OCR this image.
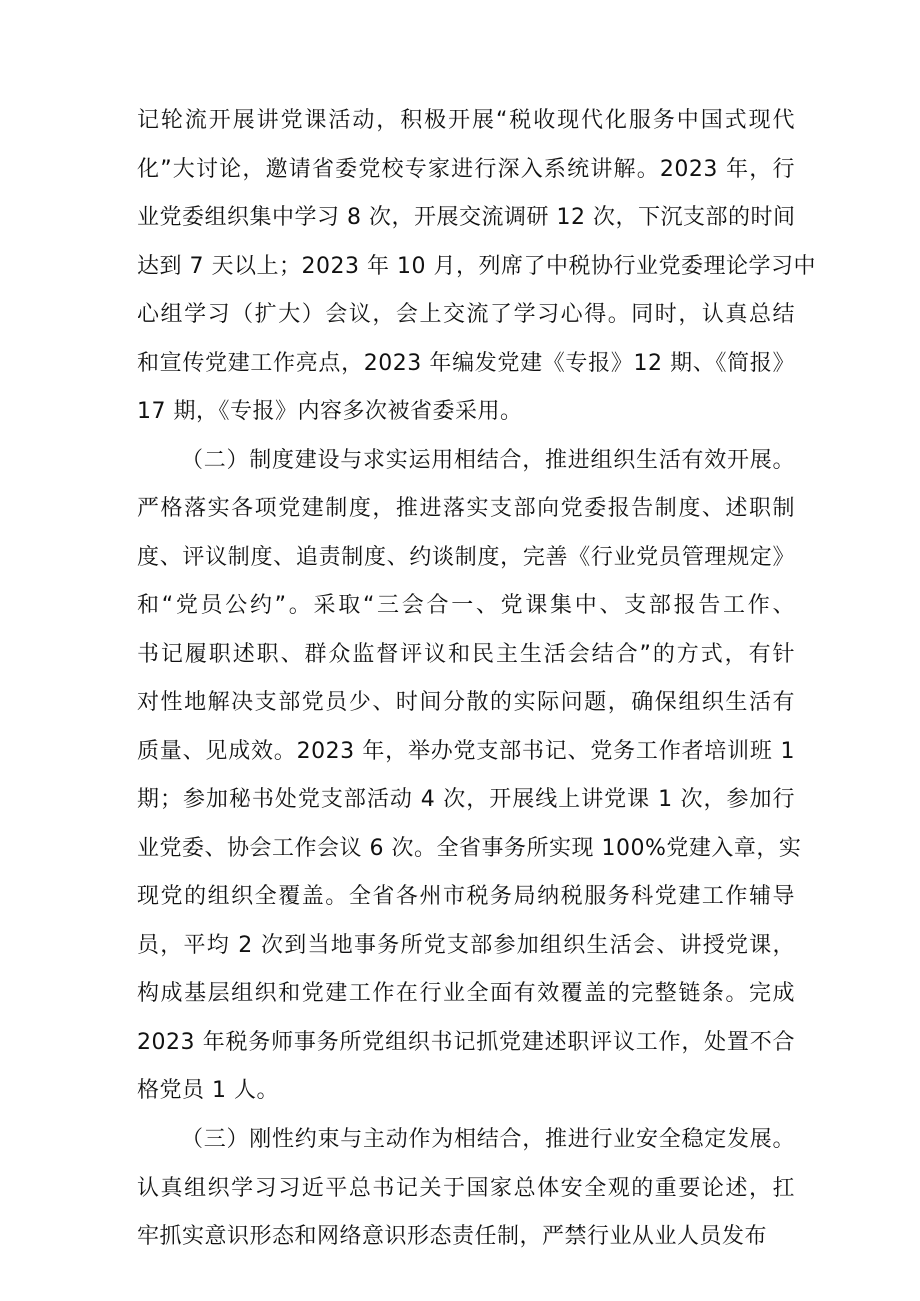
记轮流开展讲党课活动，积极开展“税收现代化服务中国式现代
化”大讨论，邀请省委党校专家进行深入系统讲解。2023 年，行
业党委组织集中学习 8 次，开展交流调研 12 次，下沉支部的时间
达到 7 天以上；2023 年 10 月，列席了中税协行业党委理论学习中
心组学习（扩大）会议，会上交流了学习心得。同时，认真总结
和宣传党建工作亮点，2023 年编发党建《专报》12 期、《简报》
17 期，《专报》内容多次被省委采用。
（二）制度建设与求实运用相结合，推进组织生活有效开展。
严格落实各项党建制度，推进落实支部向党委报告制度、述职制
度、评议制度、追责制度、约谈制度，完善《行业党员管理规定》
和“党员公约”。采取“三会合一、党课集中、支部报告工作、
书记履职述职、群众监督评议和民主生活会结合”的方式，有针
对性地解决支部党员少、时间分散的实际问题，确保组织生活有
质量、见成效。2023 年，举办党支部书记、党务工作者培训班 1
期；参加秘书处党支部活动 4 次，开展线上讲党课 1 次，参加行
业党委、协会工作会议 6 次。全省事务所实现 100%党建入章，实
现党的组织全覆盖。全省各州市税务局纳税服务科党建工作辅导
员，平均 2 次到当地事务所党支部参加组织生活会、讲授党课，
构成基层组织和党建工作在行业全面有效覆盖的完整链条。完成
2023 年税务师事务所党组织书记抓党建述职评议工作，处置不合
格党员 1 人。
（三）刚性约束与主动作为相结合，推进行业安全稳定发展。
认真组织学习习近平总书记关于国家总体安全观的重要论述，扛
牢抓实意识形态和网络意识形态责任制，严禁行业从业人员发布
